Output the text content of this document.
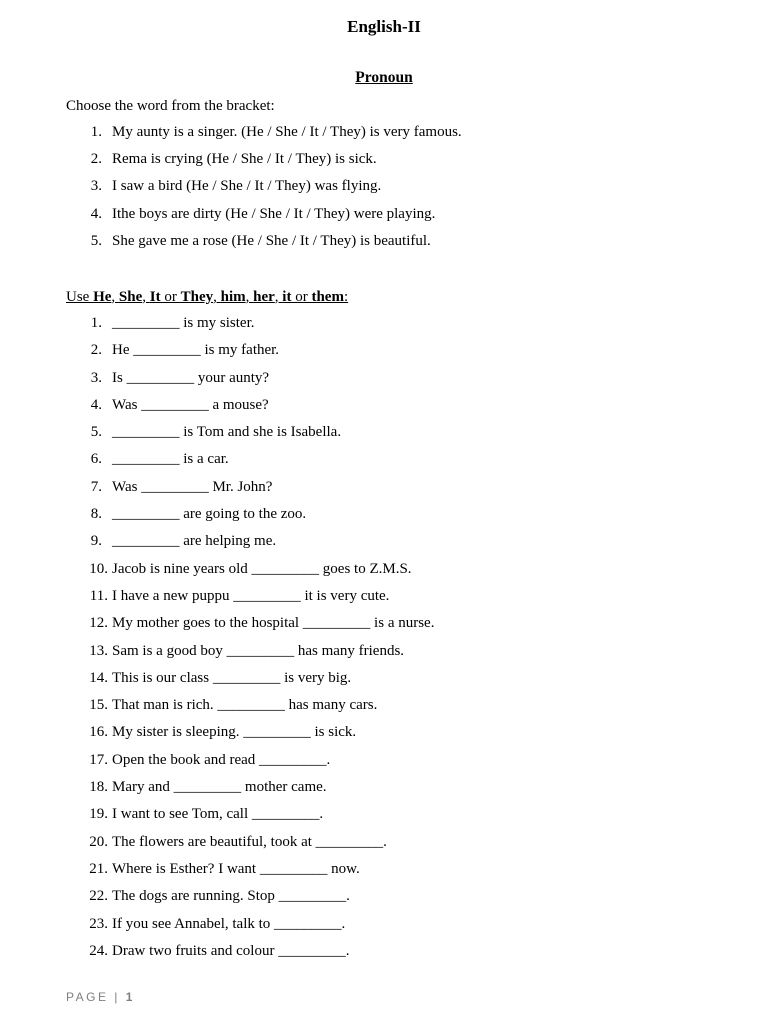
English-II
Pronoun
Choose the word from the bracket:
1. My aunty is a singer. (He / She / It / They) is very famous.
2. Rema is crying (He / She / It / They) is sick.
3. I saw a bird (He / She / It / They) was flying.
4. Ithe boys are dirty (He / She / It / They) were playing.
5. She gave me a rose (He / She / It / They) is beautiful.
Use He, She, It or They, him, her, it or them:
1. _________ is my sister.
2. He _________ is my father.
3. Is _________ your aunty?
4. Was _________ a mouse?
5. _________ is Tom and she is Isabella.
6. _________ is a car.
7. Was _________ Mr. John?
8. _________ are going to the zoo.
9. _________ are helping me.
10. Jacob is nine years old _________ goes to Z.M.S.
11. I have a new puppu _________ it is very cute.
12. My mother goes to the hospital _________ is a nurse.
13. Sam is a good boy _________ has many friends.
14. This is our class _________ is very big.
15. That man is rich. _________ has many cars.
16. My sister is sleeping. _________ is sick.
17. Open the book and read _________.
18. Mary and _________ mother came.
19. I want to see Tom, call _________.
20. The flowers are beautiful, took at _________.
21. Where is Esther? I want _________ now.
22. The dogs are running. Stop _________.
23. If you see Annabel, talk to _________.
24. Draw two fruits and colour _________.
PAGE | 1
